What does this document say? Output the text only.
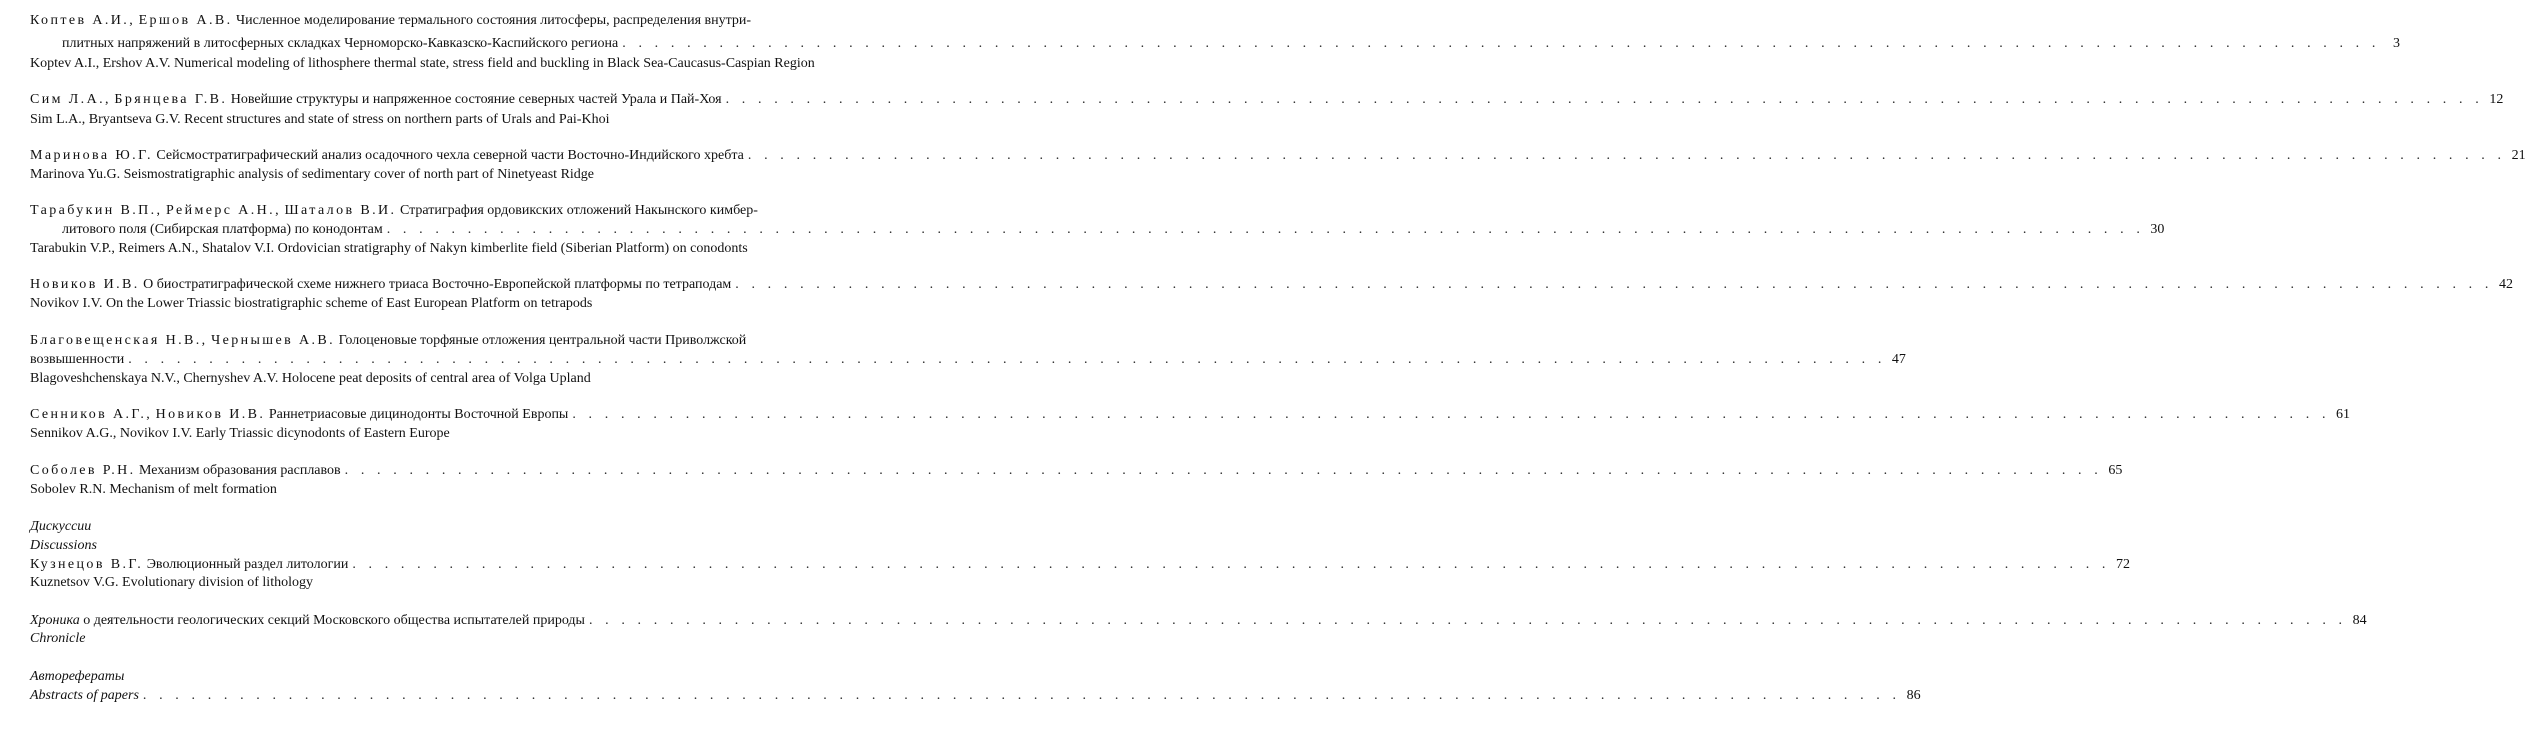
Коптев А.И., Ершов А.В. Численное моделирование термального состояния литосферы, распределения внутри-
плитных напряжений в литосферных складках Черноморско-Кавказско-Каспийского региона . . . . . . . . . . . . . . . . . . . . . . . . . . . . . . . . . . . . . . . . . . . . . . . . . . . . . . . . . . . . . . . . . . . . . . . . . . . . . . . . . . . . . . . . . . . . . . . . . . . . . . . . . . . . . 3
Koptev A.I., Ershov A.V. Numerical modeling of lithosphere thermal state, stress field and buckling in Black Sea-Caucasus-Caspian Region
Сим Л.А., Брянцева Г.В. Новейшие структуры и напряженное состояние северных частей Урала и Пай-Хоя . . . . . . . . . . . . . . . . . . . . . . . . . . . . . . . . . . . . . . . . . . . . . . . . . . . . . . . . . . . . . . . . . . . . . . . . . . . . . . . . . . . . . . . . . . . . . . . . . . . . . . . . . . . . . 12
Sim L.A., Bryantseva G.V. Recent structures and state of stress on northern parts of Urals and Pai-Khoi
Маринова Ю.Г. Сейсмостратиграфический анализ осадочного чехла северной части Восточно-Индийского хребта . . . . . . . . . . . . . . . . . . . . . . . . . . . . . . . . . . . . . . . . . . . . . . . . . . . . . . . . . . . . . . . . . . . . . . . . . . . . . . . . . . . . . . . . . . . . . . . . . . . . . . . . . . . . . 21
Marinova Yu.G. Seismostratigraphic analysis of sedimentary cover of north part of Ninetyeast Ridge
Тарабукин В.П., Реймерс А.Н., Шаталов В.И. Стратиграфия ордовикских отложений Накынского кимбер-
литового поля (Сибирская платформа) по конодонтам . . . . . . . . . . . . . . . . . . . . . . . . . . . . . . . . . . . . . . . . . . . . . . . . . . . . . . . . . . . . . . . . . . . . . . . . . . . . . . . . . . . . . . . . . . . . . . . . . . . . . . . . . . . . . 30
Tarabukin V.P., Reimers A.N., Shatalov V.I. Ordovician stratigraphy of Nakyn kimberlite field (Siberian Platform) on conodonts
Новиков И.В. О биостратиграфической схеме нижнего триаса Восточно-Европейской платформы по тетраподам . . . . . . . . . . . . . . . . . . . . . . . . . . . . . . . . . . . . . . . . . . . . . . . . . . . . . . . . . . . . . . . . . . . . . . . . . . . . . . . . . . . . . . . . . . . . . . . . . . . . . . . . . . . . . 42
Novikov I.V. On the Lower Triassic biostratigraphic scheme of East European Platform on tetrapods
Благовещенская Н.В., Чернышев А.В. Голоценовые торфяные отложения центральной части Приволжской
возвышенности . . . . . . . . . . . . . . . . . . . . . . . . . . . . . . . . . . . . . . . . . . . . . . . . . . . . . . . . . . . . . . . . . . . . . . . . . . . . . . . . . . . . . . . . . . . . . . . . . . . . . . . . . . . . . 47
Blagoveshchenskaya N.V., Chernyshev A.V. Holocene peat deposits of central area of Volga Upland
Сенников А.Г., Новиков И.В. Раннетриасовые дицинодонты Восточной Европы . . . . . . . . . . . . . . . . . . . . . . . . . . . . . . . . . . . . . . . . . . . . . . . . . . . . . . . . . . . . . . . . . . . . . . . . . . . . . . . . . . . . . . . . . . . . . . . . . . . . . . . . . . . . . 61
Sennikov A.G., Novikov I.V. Early Triassic dicynodonts of Eastern Europe
Соболев Р.Н. Механизм образования расплавов . . . . . . . . . . . . . . . . . . . . . . . . . . . . . . . . . . . . . . . . . . . . . . . . . . . . . . . . . . . . . . . . . . . . . . . . . . . . . . . . . . . . . . . . . . . . . . . . . . . . . . . . . . . . . 65
Sobolev R.N. Mechanism of melt formation
Дискуссии
Discussions
Кузнецов В.Г. Эволюционный раздел литологии . . . . . . . . . . . . . . . . . . . . . . . . . . . . . . . . . . . . . . . . . . . . . . . . . . . . . . . . . . . . . . . . . . . . . . . . . . . . . . . . . . . . . . . . . . . . . . . . . . . . . . . . . . . . . 72
Kuznetsov V.G. Evolutionary division of lithology
Хроника о деятельности геологических секций Московского общества испытателей природы . . . . . . . . . . . . . . . . . . . . . . . . . . . . . . . . . . . . . . . . . . . . . . . . . . . . . . . . . . . . . . . . . . . . . . . . . . . . . . . . . . . . . . . . . . . . . . . . . . . . . . . . . . . . . 84
Chronicle
Авторефераты
Abstracts of papers . . . . . . . . . . . . . . . . . . . . . . . . . . . . . . . . . . . . . . . . . . . . . . . . . . . . . . . . . . . . . . . . . . . . . . . . . . . . . . . . . . . . . . . . . . . . . . . . . . . . . . . . . . . . . 86
